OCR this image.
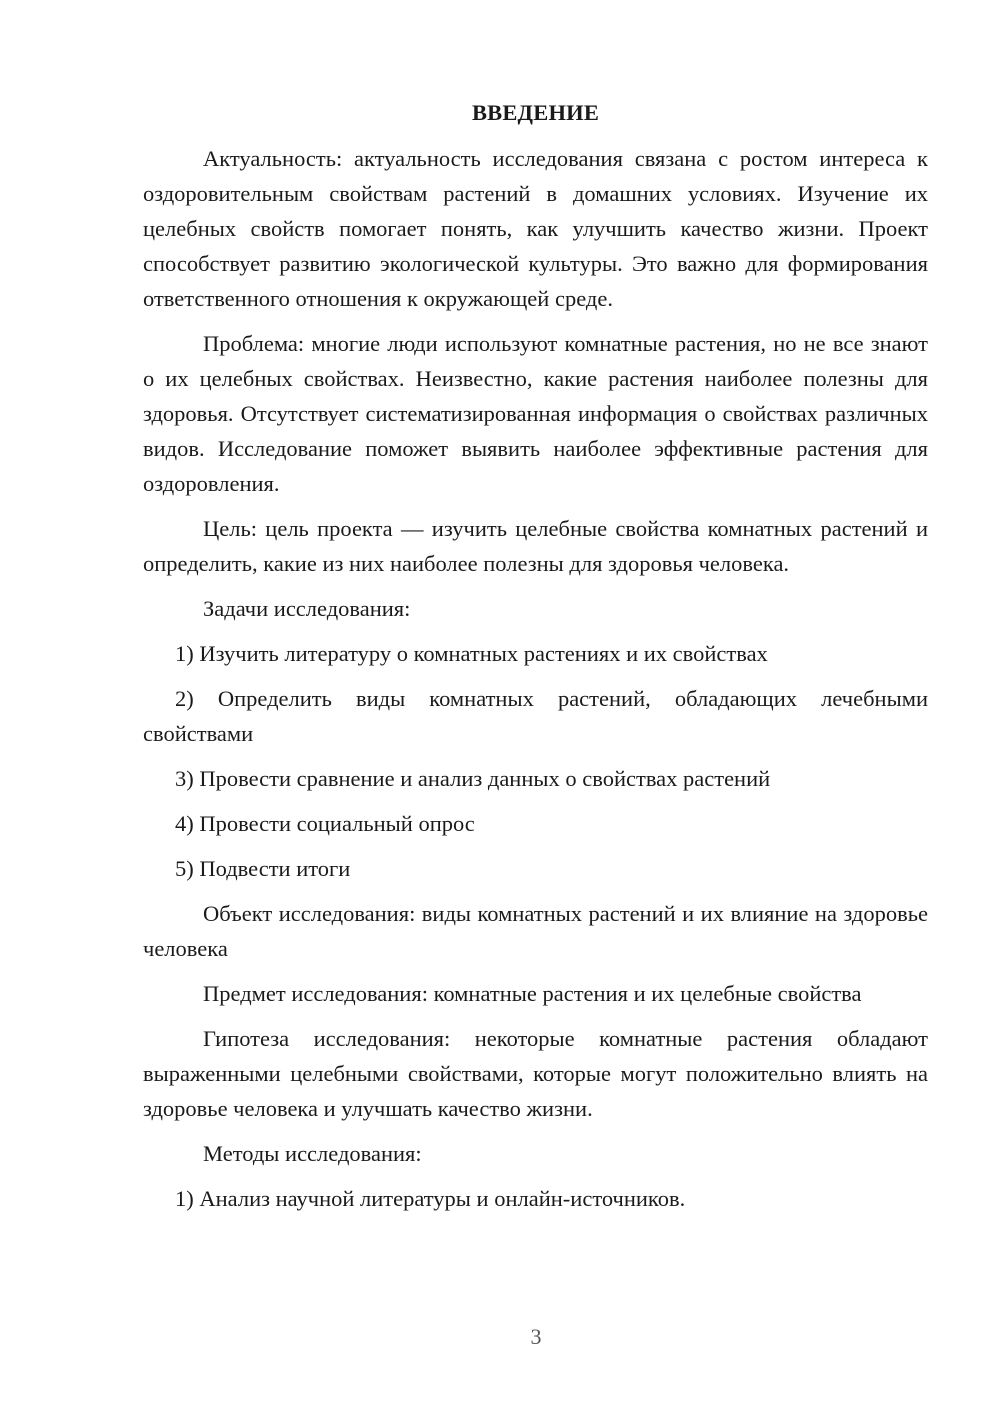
ВВЕДЕНИЕ

Актуальность: актуальность исследования связана с ростом интереса к оздоровительным свойствам растений в домашних условиях. Изучение их целебных свойств помогает понять, как улучшить качество жизни. Проект способствует развитию экологической культуры. Это важно для формирования ответственного отношения к окружающей среде.

Проблема: многие люди используют комнатные растения, но не все знают о их целебных свойствах. Неизвестно, какие растения наиболее полезны для здоровья. Отсутствует систематизированная информация о свойствах различных видов. Исследование поможет выявить наиболее эффективные растения для оздоровления.

Цель: цель проекта — изучить целебные свойства комнатных растений и определить, какие из них наиболее полезны для здоровья человека.

Задачи исследования:

1) Изучить литературу о комнатных растениях и их свойствах

2) Определить виды комнатных растений, обладающих лечебными свойствами

3) Провести сравнение и анализ данных о свойствах растений

4) Провести социальный опрос

5) Подвести итоги

Объект исследования: виды комнатных растений и их влияние на здоровье человека

Предмет исследования: комнатные растения и их целебные свойства

Гипотеза исследования: некоторые комнатные растения обладают выраженными целебными свойствами, которые могут положительно влиять на здоровье человека и улучшать качество жизни.

Методы исследования:

1) Анализ научной литературы и онлайн-источников.

3
